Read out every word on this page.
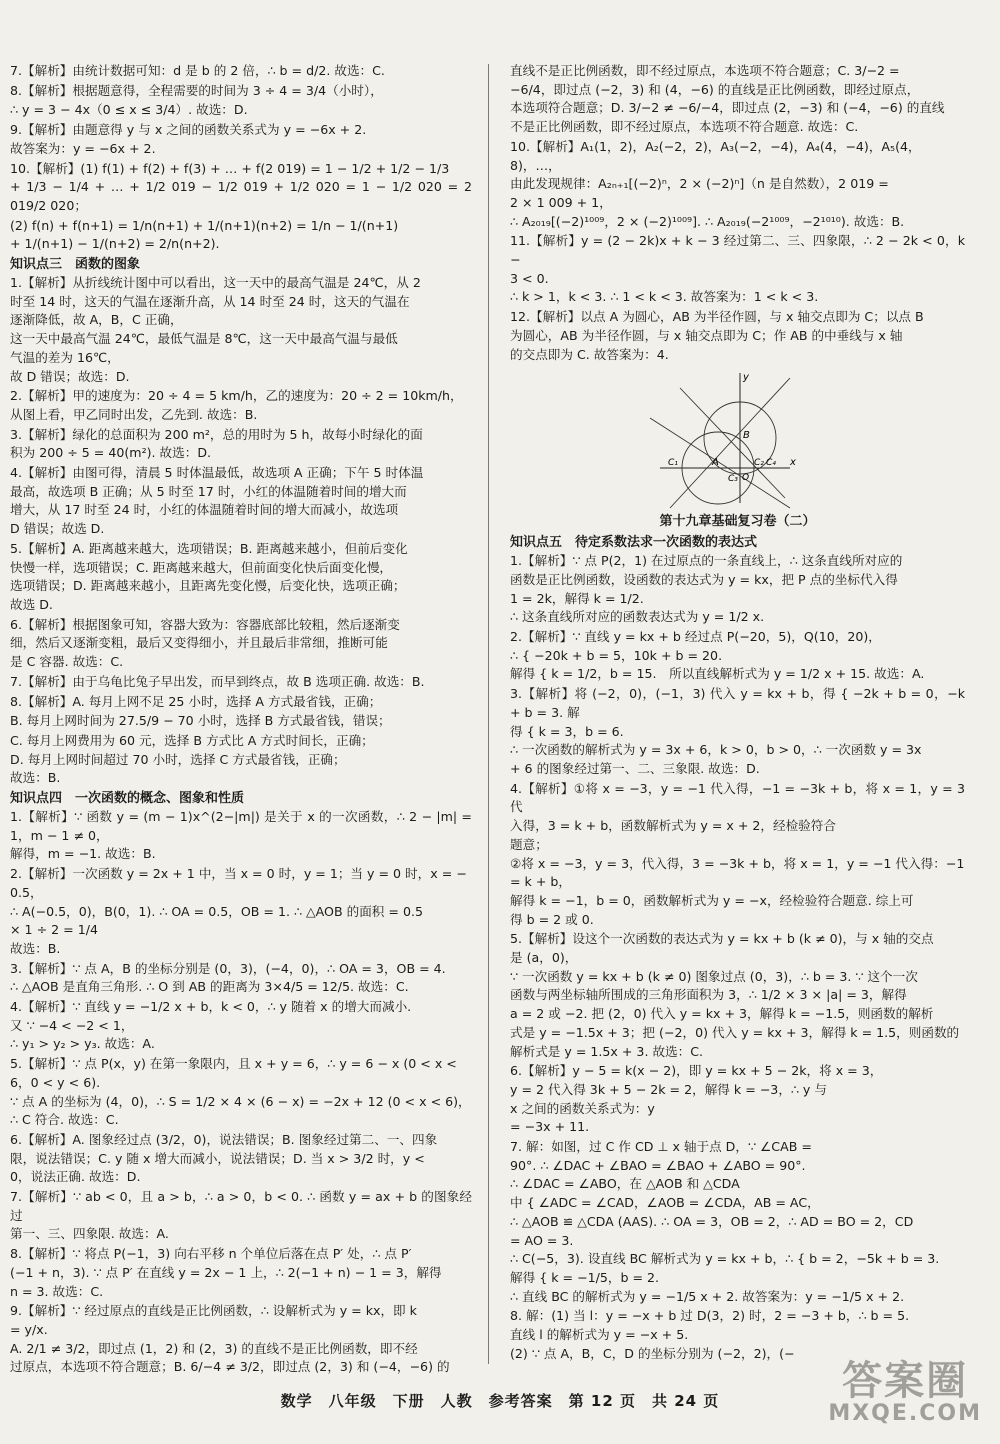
7.【解析】由统计数据可知：d 是 b 的 2 倍，∴ b = d/2. 故选：C.
8.【解析】根据题意得，全程需要的时间为 3 ÷ 4 = 3/4（小时），
∴ y = 3 − 4x（0 ≤ x ≤ 3/4）. 故选：D.
9.【解析】由题意得 y 与 x 之间的函数关系式为 y = −6x + 2.
故答案为：y = −6x + 2.
10.【解析】(1) f(1) + f(2) + f(3) + … + f(2 019) = 1 − 1/2 + 1/2 − 1/3
+ 1/3 − 1/4 + … + 1/2 019 − 1/2 019 + 1/2 020 = 1 − 1/2 020 = 2 019/2 020；
(2) f(n) + f(n+1) = 1/n(n+1) + 1/(n+1)(n+2) = 1/n − 1/(n+1)
+ 1/(n+1) − 1/(n+2) = 2/n(n+2).
知识点三　函数的图象
1.【解析】从折线统计图中可以看出，这一天中的最高气温是 24℃，从 2
时至 14 时，这天的气温在逐渐升高，从 14 时至 24 时，这天的气温在
逐渐降低，故 A，B，C 正确，
这一天中最高气温 24℃，最低气温是 8℃，这一天中最高气温与最低
气温的差为 16℃，
故 D 错误；故选：D.
2.【解析】甲的速度为：20 ÷ 4 = 5 km/h，乙的速度为：20 ÷ 2 = 10km/h，
从图上看，甲乙同时出发，乙先到. 故选：B.
3.【解析】绿化的总面积为 200 m²，总的用时为 5 h，故每小时绿化的面
积为 200 ÷ 5 = 40(m²). 故选：D.
4.【解析】由图可得，清晨 5 时体温最低，故选项 A 正确；下午 5 时体温
最高，故选项 B 正确；从 5 时至 17 时，小红的体温随着时间的增大而
增大，从 17 时至 24 时，小红的体温随着时间的增大而减小，故选项
D 错误；故选 D.
5.【解析】A. 距离越来越大，选项错误；B. 距离越来越小，但前后变化
快慢一样，选项错误；C. 距离越来越大，但前面变化快后面变化慢，
选项错误；D. 距离越来越小，且距离先变化慢，后变化快，选项正确；
故选 D.
6.【解析】根据图象可知，容器大致为：容器底部比较粗，然后逐渐变
细，然后又逐渐变粗，最后又变得细小，并且最后非常细，推断可能
是 C 容器. 故选：C.
7.【解析】由于乌龟比兔子早出发，而早到终点，故 B 选项正确. 故选：B.
8.【解析】A. 每月上网不足 25 小时，选择 A 方式最省钱，正确；
B. 每月上网时间为 27.5/9 − 70 小时，选择 B 方式最省钱，错误；
C. 每月上网费用为 60 元，选择 B 方式比 A 方式时间长，正确；
D. 每月上网时间超过 70 小时，选择 C 方式最省钱，正确；
故选：B.
知识点四　一次函数的概念、图象和性质
1.【解析】∵ 函数 y = (m − 1)x^(2−|m|) 是关于 x 的一次函数，∴ 2 − |m| = 1，m − 1 ≠ 0，
解得，m = −1. 故选：B.
2.【解析】一次函数 y = 2x + 1 中，当 x = 0 时，y = 1；当 y = 0 时，x = −
0.5，
∴ A(−0.5，0)，B(0，1). ∴ OA = 0.5，OB = 1. ∴ △AOB 的面积 = 0.5
× 1 ÷ 2 = 1/4
故选：B.
3.【解析】∵ 点 A，B 的坐标分别是 (0，3)，(−4，0)，∴ OA = 3，OB = 4.
∴ △AOB 是直角三角形. ∴ O 到 AB 的距离为 3×4/5 = 12/5. 故选：C.
4.【解析】∵ 直线 y = −1/2 x + b，k < 0，∴ y 随着 x 的增大而减小.
又 ∵ −4 < −2 < 1，
∴ y₁ > y₂ > y₃. 故选：A.
5.【解析】∵ 点 P(x，y) 在第一象限内，且 x + y = 6，∴ y = 6 − x (0 < x <
6，0 < y < 6).
∵ 点 A 的坐标为 (4，0)，∴ S = 1/2 × 4 × (6 − x) = −2x + 12 (0 < x < 6)，
∴ C 符合. 故选：C.
6.【解析】A. 图象经过点 (3/2，0)，说法错误；B. 图象经过第二、一、四象
限，说法错误；C. y 随 x 增大而减小，说法错误；D. 当 x > 3/2 时，y <
0，说法正确. 故选：D.
7.【解析】∵ ab < 0，且 a > b，∴ a > 0，b < 0. ∴ 函数 y = ax + b 的图象经过
第一、三、四象限. 故选：A.
8.【解析】∵ 将点 P(−1，3) 向右平移 n 个单位后落在点 P′ 处，∴ 点 P′
(−1 + n，3). ∵ 点 P′ 在直线 y = 2x − 1 上，∴ 2(−1 + n) − 1 = 3，解得
n = 3. 故选：C.
9.【解析】∵ 经过原点的直线是正比例函数，∴ 设解析式为 y = kx，即 k
= y/x.
A. 2/1 ≠ 3/2，即过点 (1，2) 和 (2，3) 的直线不是正比例函数，即不经
过原点，本选项不符合题意；B. 6/−4 ≠ 3/2，即过点 (2，3) 和 (−4，−6) 的
直线不是正比例函数，即不经过原点，本选项不符合题意；C. 3/−2 =
−6/4，即过点 (−2，3) 和 (4，−6) 的直线是正比例函数，即经过原点，
本选项符合题意；D. 3/−2 ≠ −6/−4，即过点 (2，−3) 和 (−4，−6) 的直线
不是正比例函数，即不经过原点，本选项不符合题意. 故选：C.
10.【解析】A₁(1，2)，A₂(−2，2)，A₃(−2，−4)，A₄(4，−4)，A₅(4，
8)，…，
由此发现规律：A₂ₙ₊₁[(−2)ⁿ，2 × (−2)ⁿ]（n 是自然数），2 019 =
2 × 1 009 + 1，
∴ A₂₀₁₉[(−2)¹⁰⁰⁹，2 × (−2)¹⁰⁰⁹]. ∴ A₂₀₁₉(−2¹⁰⁰⁹，−2¹⁰¹⁰). 故选：B.
11.【解析】y = (2 − 2k)x + k − 3 经过第二、三、四象限，∴ 2 − 2k < 0，k −
3 < 0.
∴ k > 1，k < 3. ∴ 1 < k < 3. 故答案为：1 < k < 3.
12.【解析】以点 A 为圆心，AB 为半径作圆，与 x 轴交点即为 C；以点 B
为圆心，AB 为半径作圆，与 x 轴交点即为 C；作 AB 的中垂线与 x 轴
的交点即为 C. 故答案为：4.
y
x
A
B
C₁	C₂
C₃
C₄
O
第十九章基础复习卷（二）
知识点五　待定系数法求一次函数的表达式
1.【解析】∵ 点 P(2，1) 在过原点的一条直线上，∴ 这条直线所对应的
函数是正比例函数，设函数的表达式为 y = kx，把 P 点的坐标代入得
1 = 2k，解得 k = 1/2.
∴ 这条直线所对应的函数表达式为 y = 1/2 x.
2.【解析】∵ 直线 y = kx + b 经过点 P(−20，5)，Q(10，20)，
∴ { −20k + b = 5，10k + b = 20.
解得 { k = 1/2，b = 15.　所以直线解析式为 y = 1/2 x + 15. 故选：A.
3.【解析】将 (−2，0)，(−1，3) 代入 y = kx + b，得 { −2k + b = 0，−k + b = 3. 解
得 { k = 3，b = 6.
∴ 一次函数的解析式为 y = 3x + 6，k > 0，b > 0，∴ 一次函数 y = 3x
+ 6 的图象经过第一、二、三象限. 故选：D.
4.【解析】①将 x = −3，y = −1 代入得，−1 = −3k + b，将 x = 1，y = 3 代
入得，3 = k + b，函数解析式为 y = x + 2，经检验符合
题意；
②将 x = −3，y = 3，代入得，3 = −3k + b，将 x = 1，y = −1 代入得：−1
= k + b，
解得 k = −1，b = 0，函数解析式为 y = −x，经检验符合题意. 综上可
得 b = 2 或 0.
5.【解析】设这个一次函数的表达式为 y = kx + b (k ≠ 0)，与 x 轴的交点
是 (a，0)，
∵ 一次函数 y = kx + b (k ≠ 0) 图象过点 (0，3)，∴ b = 3. ∵ 这个一次
函数与两坐标轴所围成的三角形面积为 3，∴ 1/2 × 3 × |a| = 3，解得
a = 2 或 −2. 把 (2，0) 代入 y = kx + 3，解得 k = −1.5，则函数的解析
式是 y = −1.5x + 3；把 (−2，0) 代入 y = kx + 3，解得 k = 1.5，则函数的
解析式是 y = 1.5x + 3. 故选：C.
6.【解析】y − 5 = k(x − 2)，即 y = kx + 5 − 2k，将 x = 3，
y = 2 代入得 3k + 5 − 2k = 2，解得 k = −3，∴ y 与
x 之间的函数关系式为：y
= −3x + 11.
7. 解：如图，过 C 作 CD ⊥ x 轴于点 D，∵ ∠CAB =
90°. ∴ ∠DAC + ∠BAO = ∠BAO + ∠ABO = 90°.
∴ ∠DAC = ∠ABO，在 △AOB 和 △CDA
中 { ∠ADC = ∠CAD，∠AOB = ∠CDA，AB = AC，
∴ △AOB ≌ △CDA (AAS). ∴ OA = 3，OB = 2，∴ AD = BO = 2，CD
= AO = 3.
∴ C(−5，3). 设直线 BC 解析式为 y = kx + b，∴ { b = 2，−5k + b = 3.
解得 { k = −1/5，b = 2.
∴ 直线 BC 的解析式为 y = −1/5 x + 2. 故答案为：y = −1/5 x + 2.
8. 解：(1) 当 l：y = −x + b 过 D(3，2) 时，2 = −3 + b，∴ b = 5.
直线 l 的解析式为 y = −x + 5.
(2) ∵ 点 A，B，C，D 的坐标分别为 (−2，2)，(−
数学　八年级　下册　人教　参考答案　第 12 页　共 24 页	答案圈
MXQE.COM
